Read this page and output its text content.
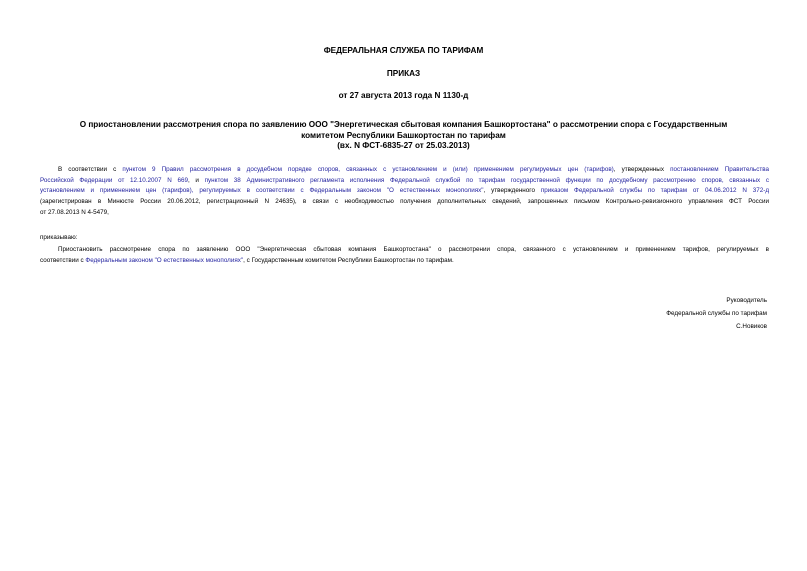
ФЕДЕРАЛЬНАЯ СЛУЖБА ПО ТАРИФАМ
ПРИКАЗ
от 27 августа 2013 года N 1130-д
О приостановлении рассмотрения спора по заявлению ООО "Энергетическая сбытовая компания Башкортостана" о рассмотрении спора с Государственным
комитетом Республики Башкортостан по тарифам
(вх. N ФСТ-6835-27 от 25.03.2013)
В соответствии с пунктом 9 Правил рассмотрения в досудебном порядке споров, связанных с установлением и (или) применением регулируемых цен (тарифов), утвержденных постановлением Правительства
Российской Федерации от 12.10.2007 N 669, и пунктом 38 Административного регламента исполнения Федеральной службой по тарифам государственной функции по досудебному рассмотрению споров, связанных с
установлением и применением цен (тарифов), регулируемых в соответствии с Федеральным законом "О естественных монополиях", утвержденного приказом Федеральной службы по тарифам от 04.06.2012 N 372-д
(зарегистрирован в Минюсте России 20.06.2012, регистрационный N 24635), в связи с необходимостью получения дополнительных сведений, запрошенных письмом Контрольно-ревизионного управления ФСТ России
от 27.08.2013 N 4-5479,
приказываю:
Приостановить рассмотрение спора по заявлению ООО "Энергетическая сбытовая компания Башкортостана" о рассмотрении спора, связанного с установлением и применением тарифов, регулируемых в
соответствии с Федеральным законом "О естественных монополиях", с Государственным комитетом Республики Башкортостан по тарифам.
Руководитель
Федеральной службы по тарифам
С.Новиков
